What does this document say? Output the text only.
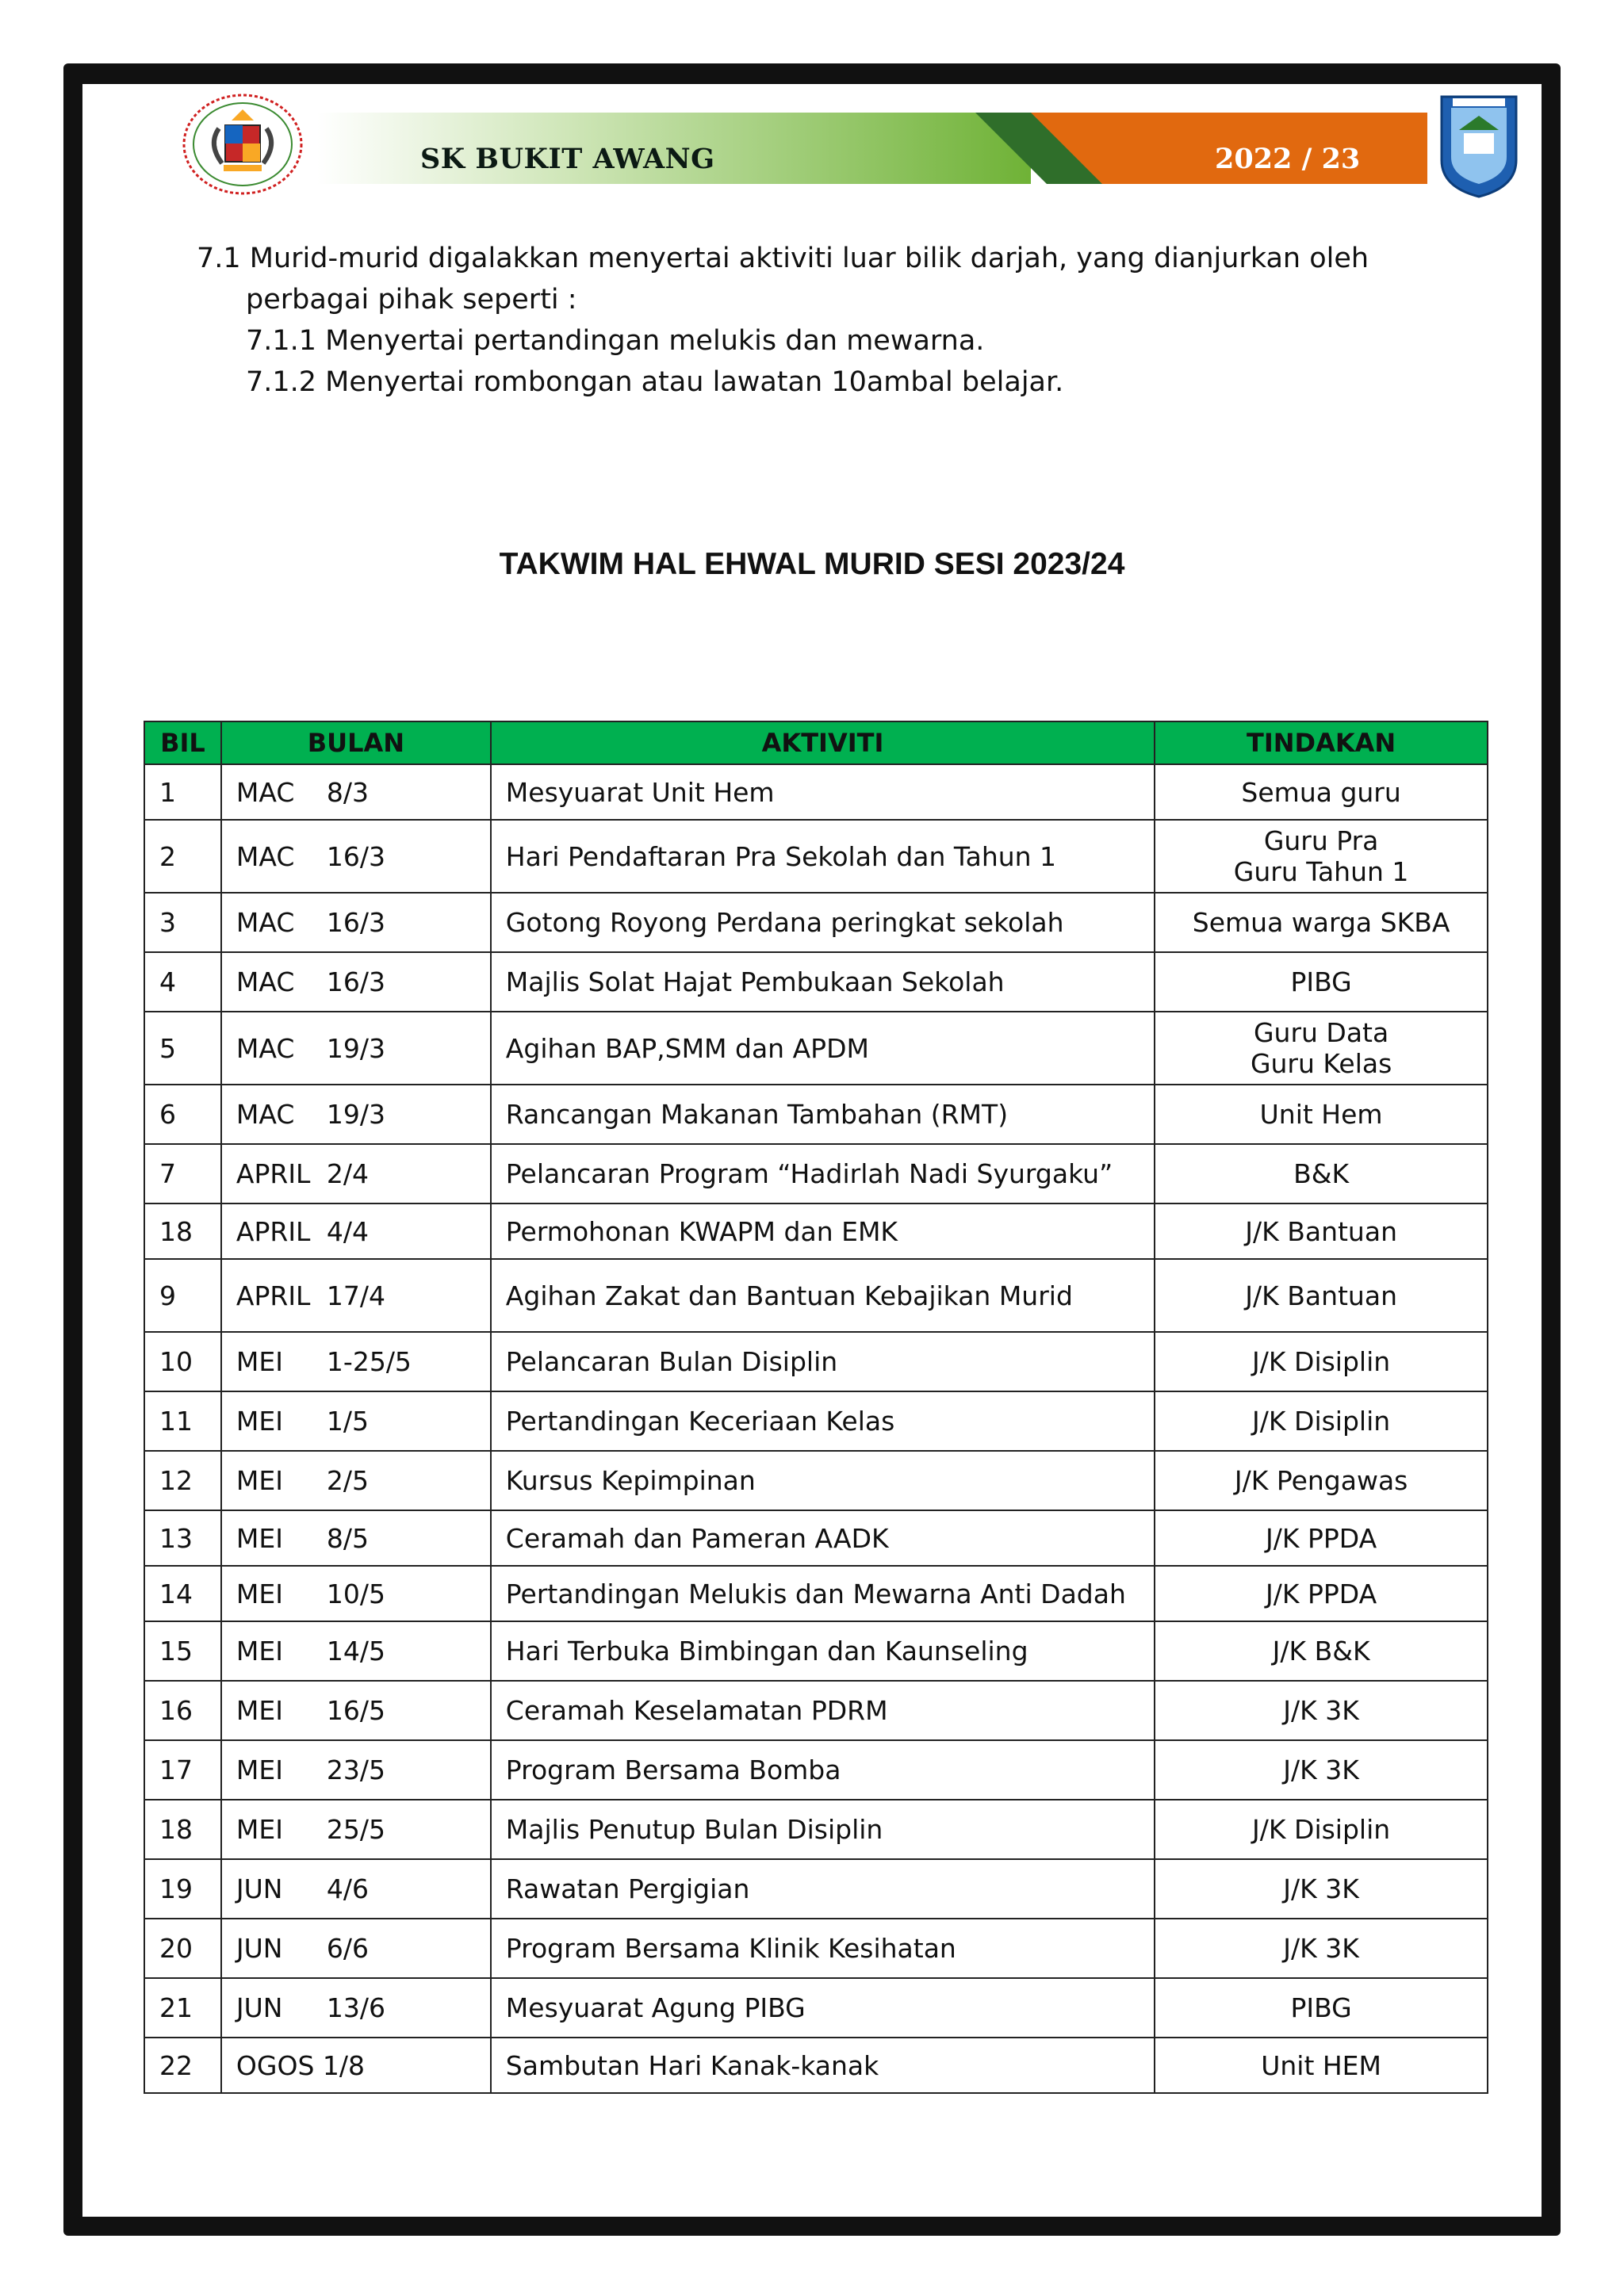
SK BUKIT AWANG	2022 / 23
7.1 Murid-murid digalakkan menyertai aktiviti luar bilik darjah, yang dianjurkan oleh
perbagai pihak seperti :
7.1.1 Menyertai pertandingan melukis dan mewarna.
7.1.2 Menyertai rombongan atau lawatan 10ambal belajar.
TAKWIM HAL EHWAL MURID SESI 2023/24
BIL	BULAN	AKTIVITI	TINDAKAN
1	MAC 8/3	Mesyuarat Unit Hem	Semua guru

2	MAC 16/3	Hari Pendaftaran Pra Sekolah dan Tahun 1	Guru Pra
Guru Tahun 1

3	MAC 16/3	Gotong Royong Perdana peringkat sekolah	Semua warga SKBA

4	MAC 16/3	Majlis Solat Hajat Pembukaan Sekolah	PIBG

5	MAC 19/3	Agihan BAP,SMM dan APDM	Guru Data
Guru Kelas

6	MAC 19/3	Rancangan Makanan Tambahan (RMT)	Unit Hem

7	APRIL 2/4	Pelancaran Program “Hadirlah Nadi Syurgaku”	B&K

18	APRIL 4/4	Permohonan KWAPM dan EMK	J/K Bantuan

9	APRIL 17/4	Agihan Zakat dan Bantuan Kebajikan Murid	J/K Bantuan

10	MEI 1-25/5	Pelancaran Bulan Disiplin	J/K Disiplin

11	MEI 1/5	Pertandingan Keceriaan Kelas	J/K Disiplin

12	MEI 2/5	Kursus Kepimpinan	J/K Pengawas

13	MEI 8/5	Ceramah dan Pameran AADK	J/K PPDA

14	MEI 10/5	Pertandingan Melukis dan Mewarna Anti Dadah	J/K PPDA

15	MEI 14/5	Hari Terbuka Bimbingan dan Kaunseling	J/K B&K

16	MEI 16/5	Ceramah Keselamatan PDRM	J/K 3K

17	MEI 23/5	Program Bersama Bomba	J/K 3K

18	MEI 25/5	Majlis Penutup Bulan Disiplin	J/K Disiplin

19	JUN 4/6	Rawatan Pergigian	J/K 3K

20	JUN 6/6	Program Bersama Klinik Kesihatan	J/K 3K

21	JUN 13/6	Mesyuarat Agung PIBG	PIBG

22	OGOS 1/8	Sambutan Hari Kanak-kanak	Unit HEM
